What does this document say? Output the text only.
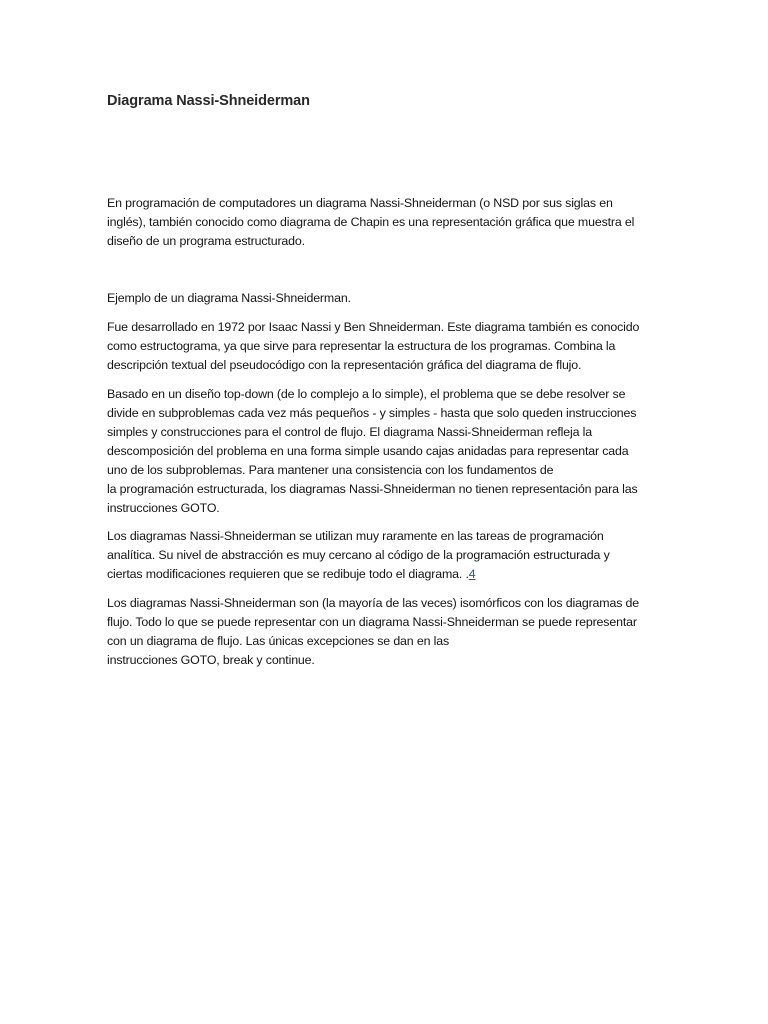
Diagrama Nassi-Shneiderman

En programación de computadores un diagrama Nassi-Shneiderman (o NSD por sus siglas en
inglés), también conocido como diagrama de Chapin es una representación gráfica que muestra el
diseño de un programa estructurado.

Ejemplo de un diagrama Nassi-Shneiderman.

Fue desarrollado en 1972 por Isaac Nassi y Ben Shneiderman. Este diagrama también es conocido
como estructograma, ya que sirve para representar la estructura de los programas. Combina la
descripción textual del pseudocódigo con la representación gráfica del diagrama de flujo.

Basado en un diseño top-down (de lo complejo a lo simple), el problema que se debe resolver se
divide en subproblemas cada vez más pequeños - y simples - hasta que solo queden instrucciones
simples y construcciones para el control de flujo. El diagrama Nassi-Shneiderman refleja la
descomposición del problema en una forma simple usando cajas anidadas para representar cada
uno de los subproblemas. Para mantener una consistencia con los fundamentos de
la programación estructurada, los diagramas Nassi-Shneiderman no tienen representación para las
instrucciones GOTO.

Los diagramas Nassi-Shneiderman se utilizan muy raramente en las tareas de programación
analítica. Su nivel de abstracción es muy cercano al código de la programación estructurada y
ciertas modificaciones requieren que se redibuje todo el diagrama. .4

Los diagramas Nassi-Shneiderman son (la mayoría de las veces) isomórficos con los diagramas de
flujo. Todo lo que se puede representar con un diagrama Nassi-Shneiderman se puede representar
con un diagrama de flujo. Las únicas excepciones se dan en las
instrucciones GOTO, break y continue.
